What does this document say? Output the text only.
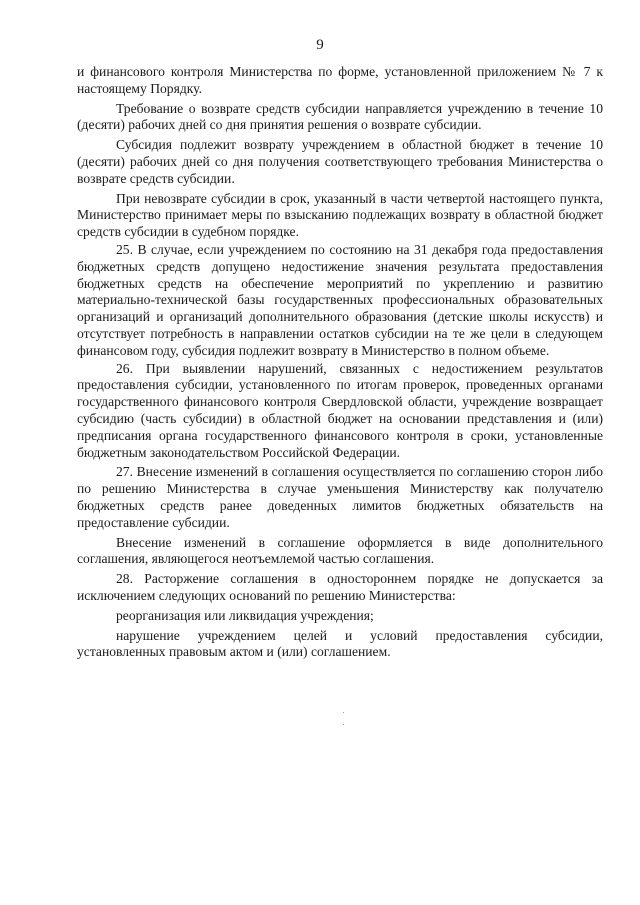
9

и финансового контроля Министерства по форме, установленной приложением № 7 к настоящему Порядку.

Требование о возврате средств субсидии направляется учреждению в течение 10 (десяти) рабочих дней со дня принятия решения о возврате субсидии.

Субсидия подлежит возврату учреждением в областной бюджет в течение 10 (десяти) рабочих дней со дня получения соответствующего требования Министерства о возврате средств субсидии.

При невозврате субсидии в срок, указанный в части четвертой настоящего пункта, Министерство принимает меры по взысканию подлежащих возврату в областной бюджет средств субсидии в судебном порядке.

25. В случае, если учреждением по состоянию на 31 декабря года предоставления бюджетных средств допущено недостижение значения результата предоставления бюджетных средств на обеспечение мероприятий по укреплению и развитию материально-технической базы государственных профессиональных образовательных организаций и организаций дополнительного образования (детские школы искусств) и отсутствует потребность в направлении остатков субсидии на те же цели в следующем финансовом году, субсидия подлежит возврату в Министерство в полном объеме.

26. При выявлении нарушений, связанных с недостижением результатов предоставления субсидии, установленного по итогам проверок, проведенных органами государственного финансового контроля Свердловской области, учреждение возвращает субсидию (часть субсидии) в областной бюджет на основании представления и (или) предписания органа государственного финансового контроля в сроки, установленные бюджетным законодательством Российской Федерации.

27. Внесение изменений в соглашения осуществляется по соглашению сторон либо по решению Министерства в случае уменьшения Министерству как получателю бюджетных средств ранее доведенных лимитов бюджетных обязательств на предоставление субсидии.

Внесение изменений в соглашение оформляется в виде дополнительного соглашения, являющегося неотъемлемой частью соглашения.

28. Расторжение соглашения в одностороннем порядке не допускается за исключением следующих оснований по решению Министерства:

реорганизация или ликвидация учреждения;

нарушение учреждением целей и условий предоставления субсидии, установленных правовым актом и (или) соглашением.
